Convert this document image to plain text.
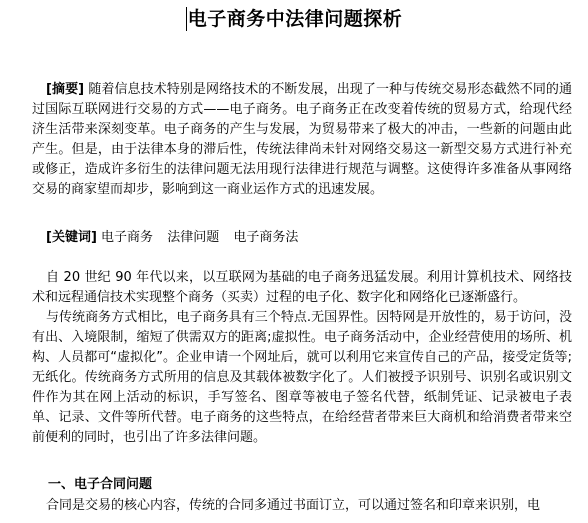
电子商务中法律问题探析
[摘要] 随着信息技术特别是网络技术的不断发展，出现了一种与传统交易形态截然不同的通过国际互联网进行交易的方式——电子商务。电子商务正在改变着传统的贸易方式，给现代经济生活带来深刻变革。电子商务的产生与发展，为贸易带来了极大的冲击，一些新的问题由此产生。但是，由于法律本身的滞后性，传统法律尚未针对网络交易这一新型交易方式进行补充或修正，造成许多衍生的法律问题无法用现行法律进行规范与调整。这使得许多准备从事网络交易的商家望而却步，影响到这一商业运作方式的迅速发展。
[关键词] 电子商务 法律问题 电子商务法
自 20 世纪 90 年代以来，以互联网为基础的电子商务迅猛发展。利用计算机技术、网络技术和远程通信技术实现整个商务（买卖）过程的电子化、数字化和网络化已逐渐盛行。
与传统商务方式相比，电子商务具有三个特点.无国界性。因特网是开放性的，易于访问，没有出、入境限制，缩短了供需双方的距离;虚拟性。电子商务活动中，企业经营使用的场所、机构、人员都可“虚拟化”。企业申请一个网址后，就可以利用它来宣传自己的产品，接受定货等;无纸化。传统商务方式所用的信息及其载体被数字化了。人们被授予识别号、识别名或识别文件作为其在网上活动的标识，手写签名、图章等被电子签名代替，纸制凭证、记录被电子表单、记录、文件等所代替。电子商务的这些特点，在给经营者带来巨大商机和给消费者带来空前便利的同时，也引出了许多法律问题。
一、电子合同问题
合同是交易的核心内容，传统的合同多通过书面订立，可以通过签名和印章来识别，电
